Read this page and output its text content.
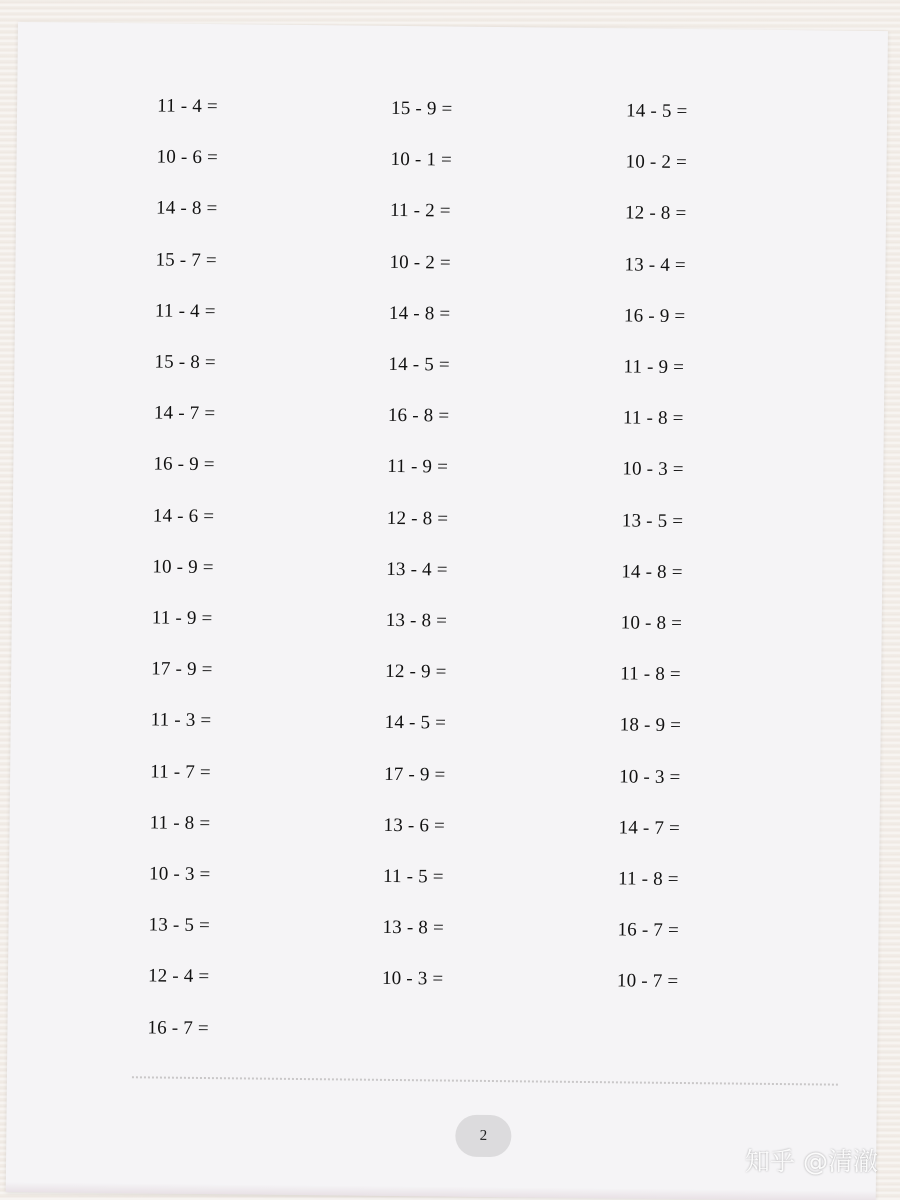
11 - 4 =
10 - 6 =
14 - 8 =
15 - 7 =
11 - 4 =
15 - 8 =
14 - 7 =
16 - 9 =
14 - 6 =
10 - 9 =
11 - 9 =
17 - 9 =
11 - 3 =
11 - 7 =
11 - 8 =
10 - 3 =
13 - 5 =
12 - 4 =
16 - 7 =
15 - 9 =
10 - 1 =
11 - 2 =
10 - 2 =
14 - 8 =
14 - 5 =
16 - 8 =
11 - 9 =
12 - 8 =
13 - 4 =
13 - 8 =
12 - 9 =
14 - 5 =
17 - 9 =
13 - 6 =
11 - 5 =
13 - 8 =
10 - 3 =
14 - 5 =
10 - 2 =
12 - 8 =
13 - 4 =
16 - 9 =
11 - 9 =
11 - 8 =
10 - 3 =
13 - 5 =
14 - 8 =
10 - 8 =
11 - 8 =
18 - 9 =
10 - 3 =
14 - 7 =
11 - 8 =
16 - 7 =
10 - 7 =
2
知乎 @清澈
